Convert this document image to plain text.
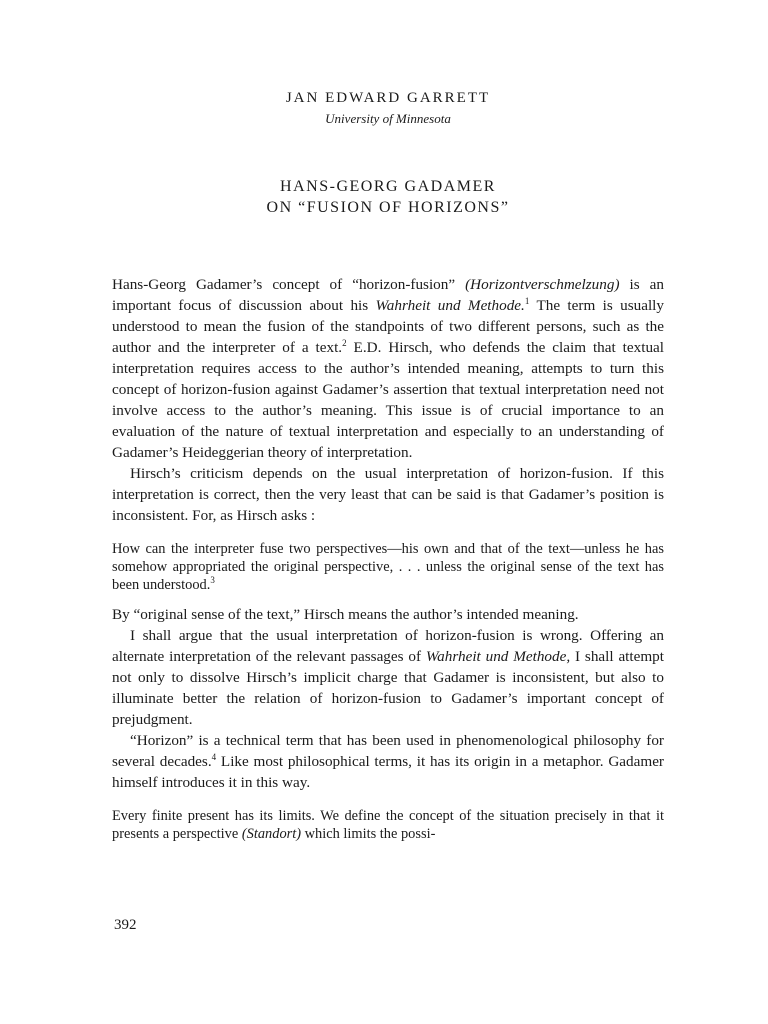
JAN EDWARD GARRETT

University of Minnesota

HANS-GEORG GADAMER

ON “FUSION OF HORIZONS”

Hans-Georg Gadamer’s concept of “horizon-fusion” (Horizontverschmelzung) is an important focus of discussion about his Wahrheit und Methode.$^1$ The term is usually understood to mean the fusion of the standpoints of two different persons, such as the author and the interpreter of a text.$^2$ E.D. Hirsch, who defends the claim that textual interpretation requires access to the author’s intended meaning, attempts to turn this concept of horizon-fusion against Gadamer’s assertion that textual interpretation need not involve access to the author’s meaning. This issue is of crucial importance to an evaluation of the nature of textual interpretation and especially to an understanding of Gadamer’s Heideggerian theory of interpretation.

Hirsch’s criticism depends on the usual interpretation of horizon-fusion. If this interpretation is correct, then the very least that can be said is that Gadamer’s position is inconsistent. For, as Hirsch asks :

How can the interpreter fuse two perspectives—his own and that of the text—unless he has somehow appropriated the original perspective, . . . unless the original sense of the text has been understood.$^3$

By “original sense of the text,” Hirsch means the author’s intended meaning.

I shall argue that the usual interpretation of horizon-fusion is wrong. Offering an alternate interpretation of the relevant passages of Wahrheit und Methode, I shall attempt not only to dissolve Hirsch’s implicit charge that Gadamer is inconsistent, but also to illuminate better the relation of horizon-fusion to Gadamer’s important concept of prejudgment.

“Horizon” is a technical term that has been used in phenomenological philosophy for several decades.$^4$ Like most philosophical terms, it has its origin in a metaphor. Gadamer himself introduces it in this way.

Every finite present has its limits. We define the concept of the situation precisely in that it presents a perspective (Standort) which limits the possi-

392
